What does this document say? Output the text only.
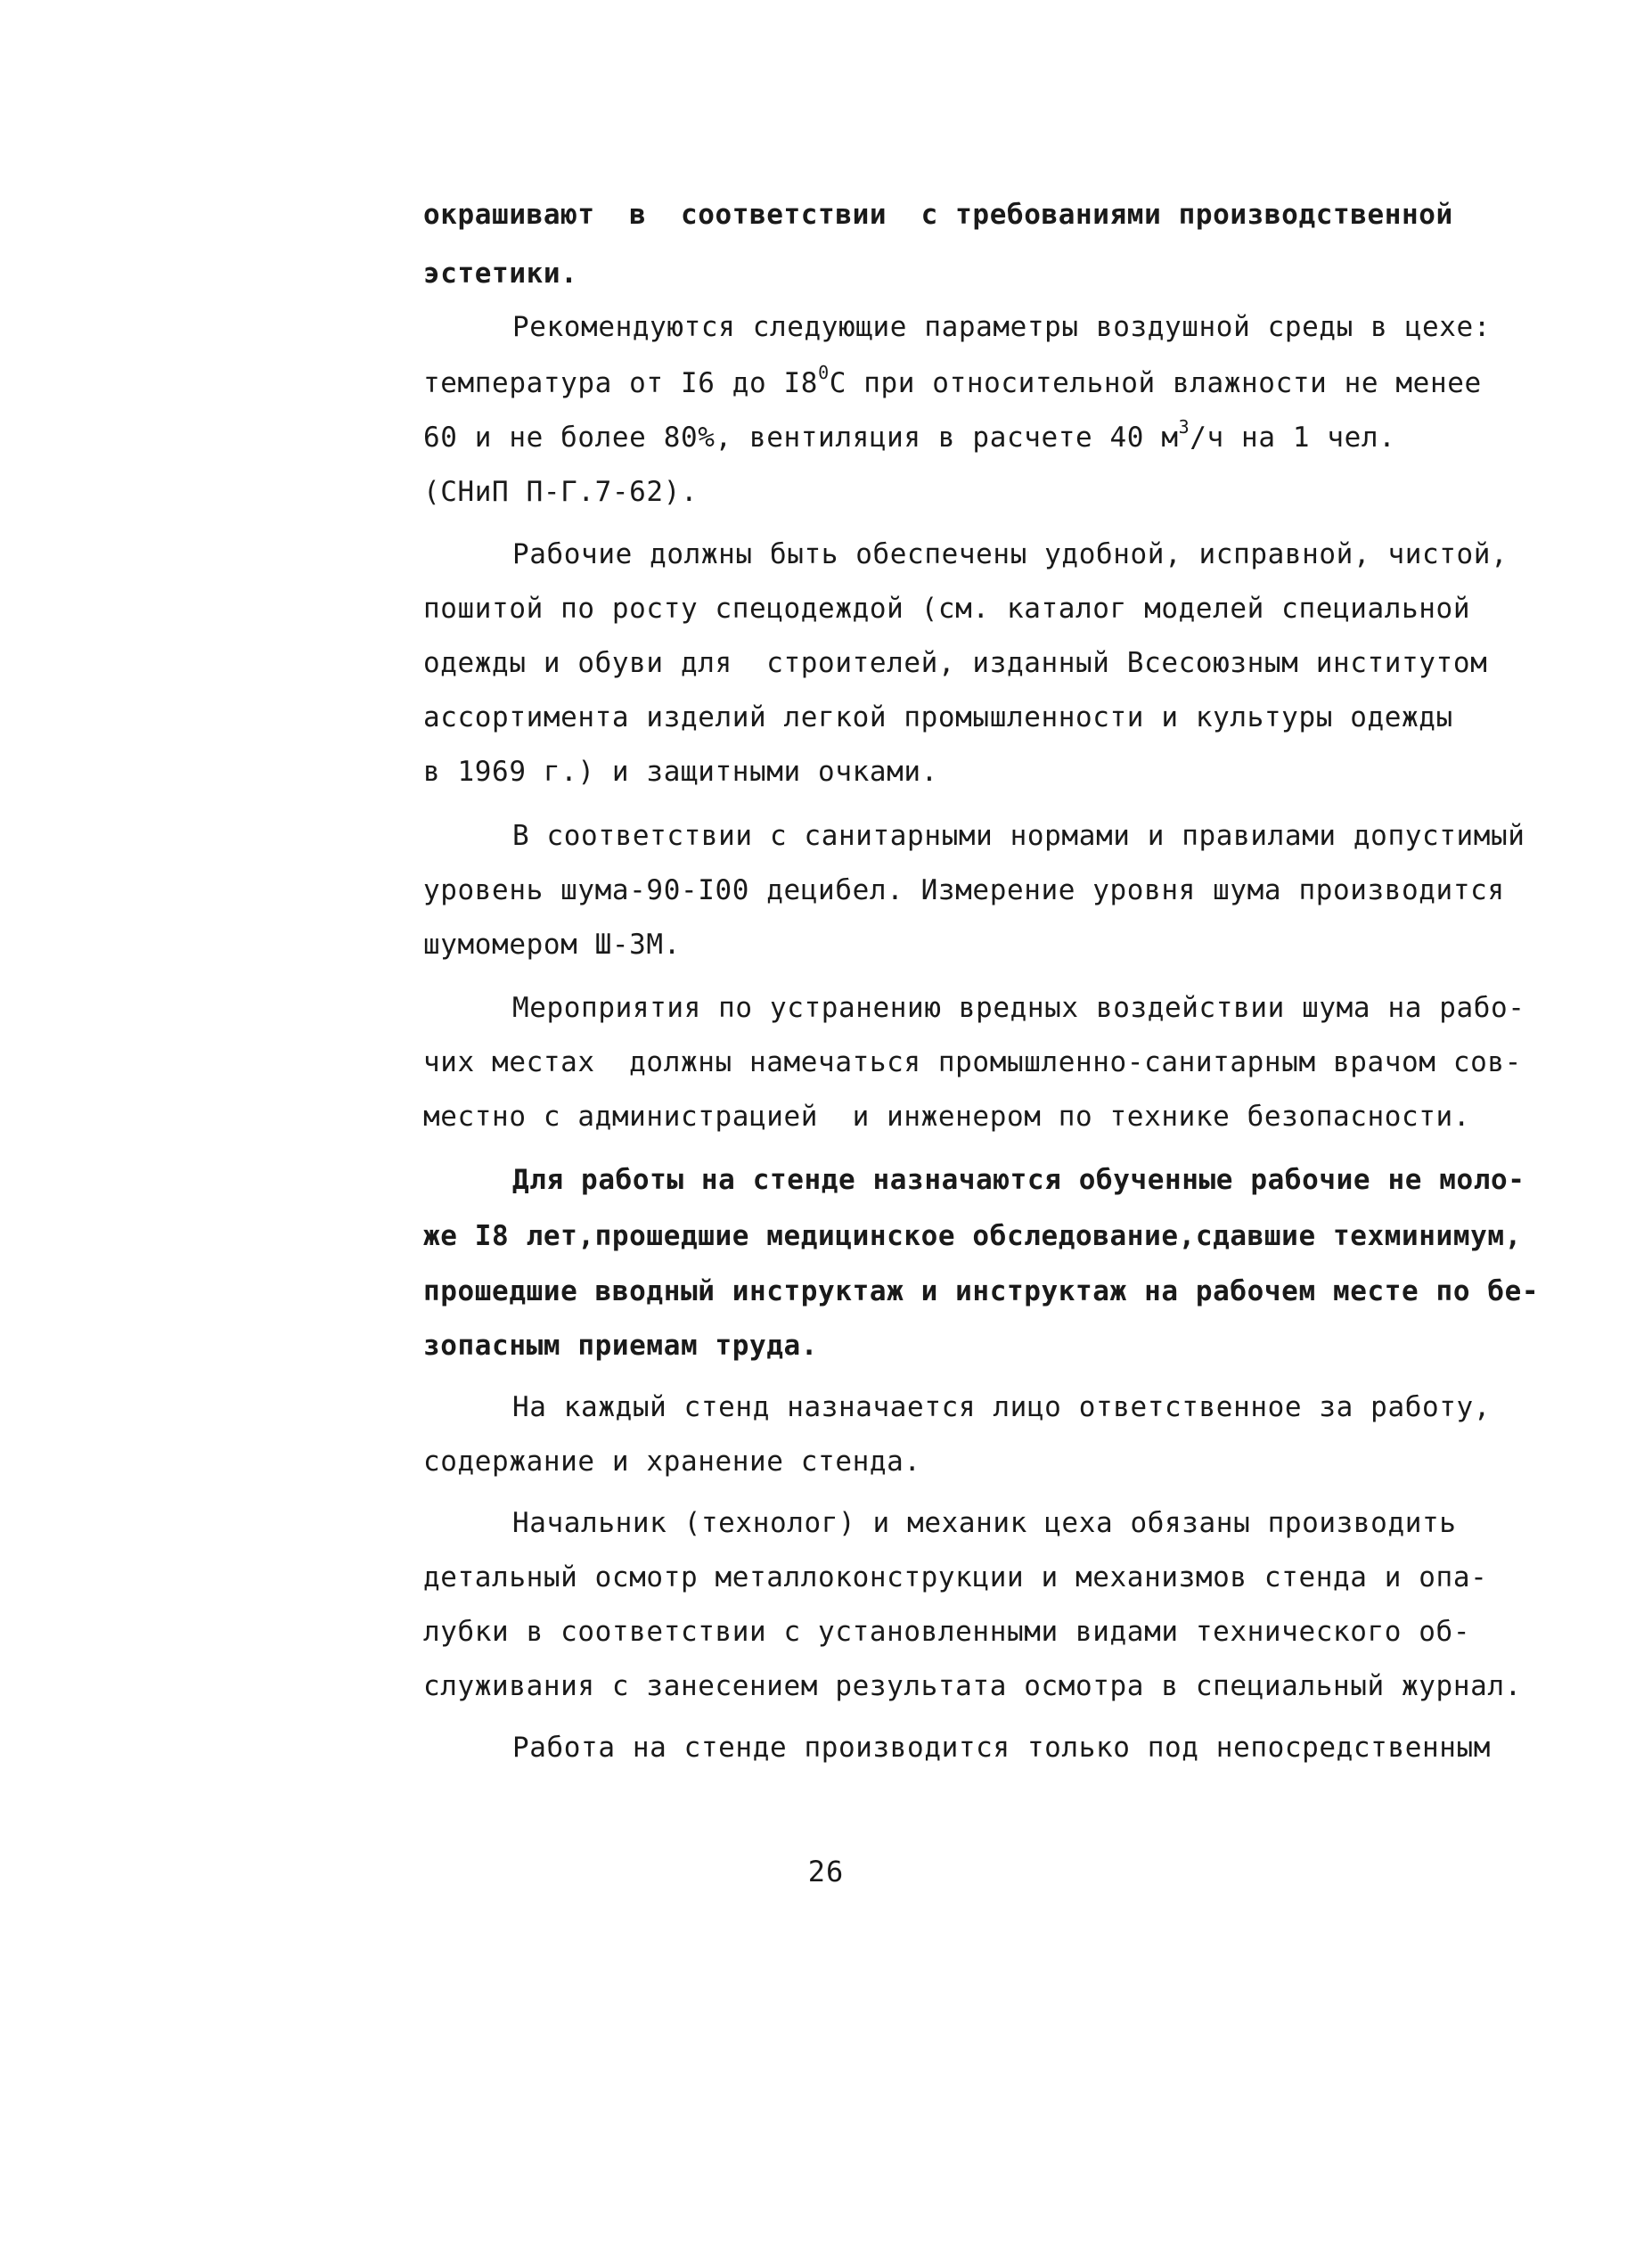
окрашивают  в  соответствии  с требованиями производственной
эстетики.
Рекомендуются следующие параметры воздушной среды в цехе:
температура от I6 до $I8^0С$ при относительной влажности не менее
60 и не более 80%, вентиляция в расчете 40 $м^3/ч$ на 1 чел.
(СНиП П-Г.7-62).
Рабочие должны быть обеспечены удобной, исправной, чистой,
пошитой по росту спецодеждой (см. каталог моделей специальной
одежды и обуви для  строителей, изданный Всесоюзным институтом
ассортимента изделий легкой промышленности и культуры одежды
в 1969 г.) и защитными очками.
В соответствии с санитарными нормами и правилами допустимый
уровень шума-90-I00 децибел. Измерение уровня шума производится
шумомером Ш-3М.
Мероприятия по устранению вредных воздействии шума на рабо-
чих местах  должны намечаться промышленно-санитарным врачом сов-
местно с администрацией  и инженером по технике безопасности.
Для работы на стенде назначаются обученные рабочие не моло-
же I8 лет,прошедшие медицинское обследование,сдавшие техминимум,
прошедшие вводный инструктаж и инструктаж на рабочем месте по бе-
зопасным приемам труда.
На каждый стенд назначается лицо ответственное за работу,
содержание и хранение стенда.
Начальник (технолог) и механик цеха обязаны производить
детальный осмотр металлоконструкции и механизмов стенда и опа-
лубки в соответствии с установленными видами технического об-
служивания с занесением результата осмотра в специальный журнал.
Работа на стенде производится только под непосредственным
26
